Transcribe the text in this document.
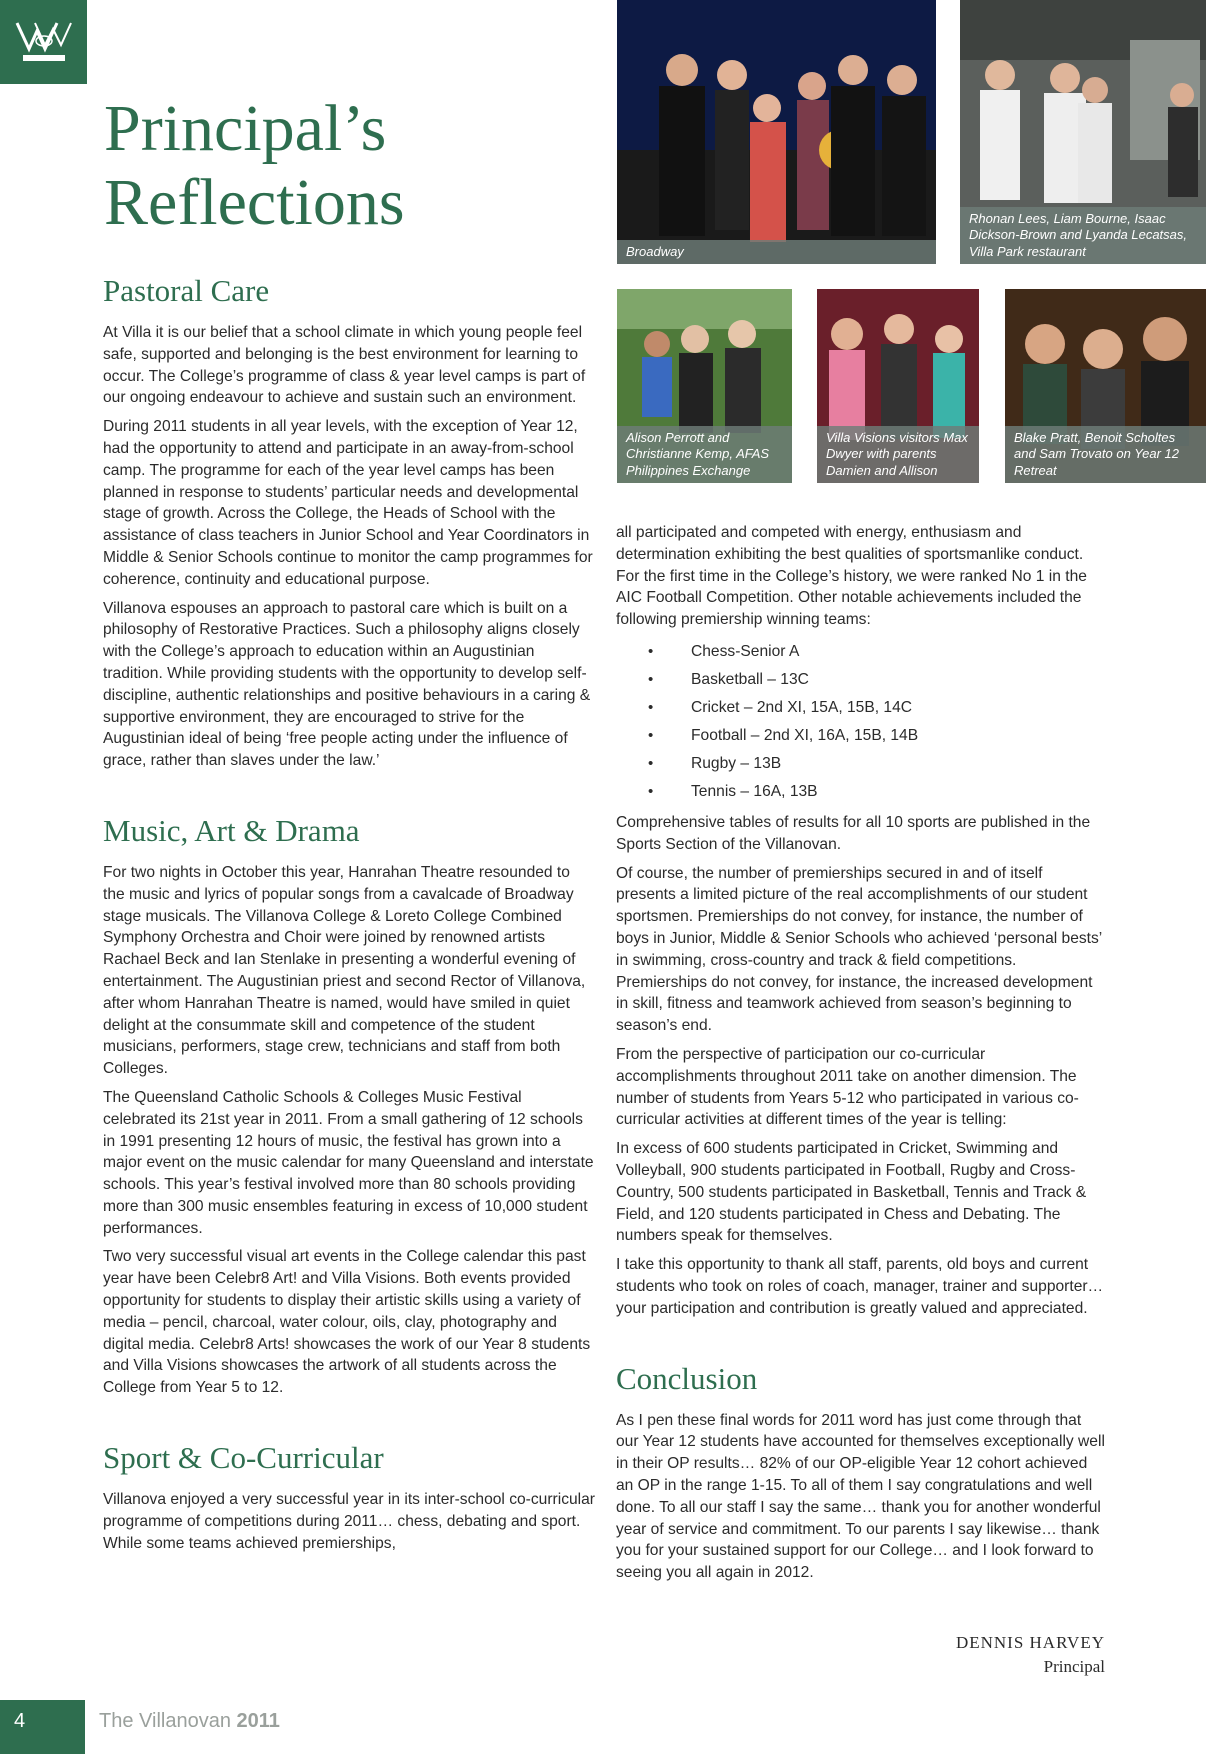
Principal’s Reflections
Broadway
Rhonan Lees, Liam Bourne, Isaac Dickson-Brown and Lyanda Lecatsas, Villa Park restaurant
Alison Perrott and Christianne Kemp, AFAS Philippines Exchange
Villa Visions visitors Max Dwyer with parents Damien and Allison
Blake Pratt, Benoit Scholtes and Sam Trovato on Year 12 Retreat
Pastoral Care

At Villa it is our belief that a school climate in which young people feel safe, supported and belonging is the best environment for learning to occur. The College’s programme of class & year level camps is part of our ongoing endeavour to achieve and sustain such an environment.

During 2011 students in all year levels, with the exception of Year 12, had the opportunity to attend and participate in an away-from-school camp. The programme for each of the year level camps has been planned in response to students’ particular needs and developmental stage of growth. Across the College, the Heads of School with the assistance of class teachers in Junior School and Year Coordinators in Middle & Senior Schools continue to monitor the camp programmes for coherence, continuity and educational purpose.

Villanova espouses an approach to pastoral care which is built on a philosophy of Restorative Practices. Such a philosophy aligns closely with the College’s approach to education within an Augustinian tradition. While providing students with the opportunity to develop self-discipline, authentic relationships and positive behaviours in a caring & supportive environment, they are encouraged to strive for the Augustinian ideal of being ‘free people acting under the influence of grace, rather than slaves under the law.’

Music, Art & Drama

For two nights in October this year, Hanrahan Theatre resounded to the music and lyrics of popular songs from a cavalcade of Broadway stage musicals. The Villanova College & Loreto College Combined Symphony Orchestra and Choir were joined by renowned artists Rachael Beck and Ian Stenlake in presenting a wonderful evening of entertainment. The Augustinian priest and second Rector of Villanova, after whom Hanrahan Theatre is named, would have smiled in quiet delight at the consummate skill and competence of the student musicians, performers, stage crew, technicians and staff from both Colleges.

The Queensland Catholic Schools & Colleges Music Festival celebrated its 21st year in 2011. From a small gathering of 12 schools in 1991 presenting 12 hours of music, the festival has grown into a major event on the music calendar for many Queensland and interstate schools. This year’s festival involved more than 80 schools providing more than 300 music ensembles featuring in excess of 10,000 student performances.

Two very successful visual art events in the College calendar this past year have been Celebr8 Art! and Villa Visions. Both events provided opportunity for students to display their artistic skills using a variety of media – pencil, charcoal, water colour, oils, clay, photography and digital media. Celebr8 Arts! showcases the work of our Year 8 students and Villa Visions showcases the artwork of all students across the College from Year 5 to 12.

Sport & Co-Curricular

Villanova enjoyed a very successful year in its inter-school co-curricular programme of competitions during 2011… chess, debating and sport. While some teams achieved premierships,

all participated and competed with energy, enthusiasm and determination exhibiting the best qualities of sportsmanlike conduct. For the first time in the College’s history, we were ranked No 1 in the AIC Football Competition. Other notable achievements included the following premiership winning teams:

• Chess-Senior A
• Basketball – 13C
• Cricket – 2nd XI, 15A, 15B, 14C
• Football – 2nd XI, 16A, 15B, 14B
• Rugby – 13B
• Tennis – 16A, 13B

Comprehensive tables of results for all 10 sports are published in the Sports Section of the Villanovan.

Of course, the number of premierships secured in and of itself presents a limited picture of the real accomplishments of our student sportsmen. Premierships do not convey, for instance, the number of boys in Junior, Middle & Senior Schools who achieved ‘personal bests’ in swimming, cross-country and track & field competitions. Premierships do not convey, for instance, the increased development in skill, fitness and teamwork achieved from season’s beginning to season’s end.

From the perspective of participation our co-curricular accomplishments throughout 2011 take on another dimension. The number of students from Years 5-12 who participated in various co-curricular activities at different times of the year is telling:

In excess of 600 students participated in Cricket, Swimming and Volleyball, 900 students participated in Football, Rugby and Cross-Country, 500 students participated in Basketball, Tennis and Track & Field, and 120 students participated in Chess and Debating. The numbers speak for themselves.

I take this opportunity to thank all staff, parents, old boys and current students who took on roles of coach, manager, trainer and supporter… your participation and contribution is greatly valued and appreciated.

Conclusion

As I pen these final words for 2011 word has just come through that our Year 12 students have accounted for themselves exceptionally well in their OP results… 82% of our OP-eligible Year 12 cohort achieved an OP in the range 1-15. To all of them I say congratulations and well done. To all our staff I say the same… thank you for another wonderful year of service and commitment. To our parents I say likewise… thank you for your sustained support for our College… and I look forward to seeing you all again in 2012.

DENNIS HARVEY
Principal
4	The Villanovan 2011
